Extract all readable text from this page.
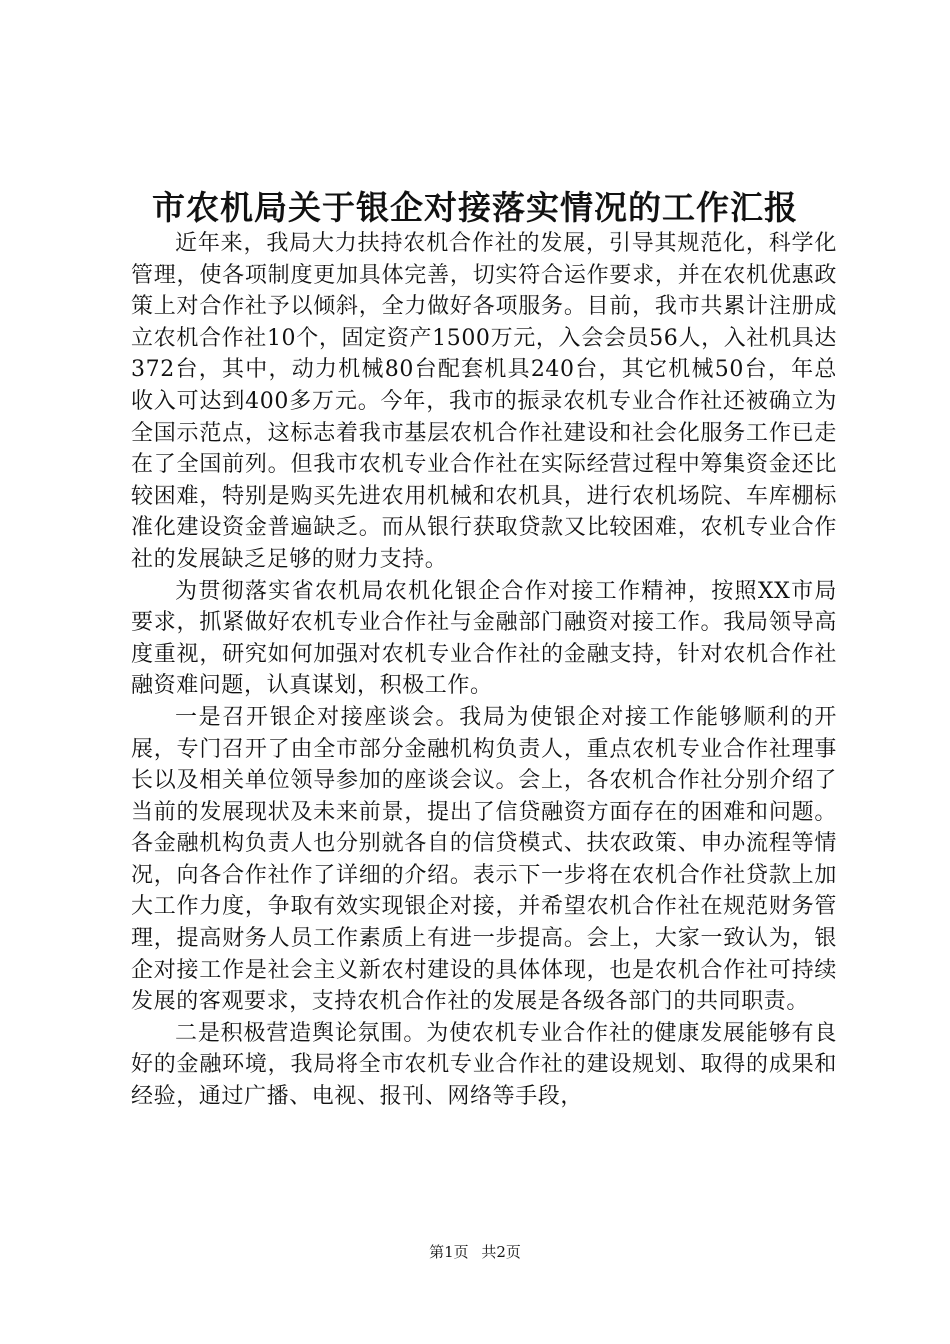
市农机局关于银企对接落实情况的工作汇报

近年来，我局大力扶持农机合作社的发展，引导其规范化，科学化管理，使各项制度更加具体完善，切实符合运作要求，并在农机优惠政策上对合作社予以倾斜，全力做好各项服务。目前，我市共累计注册成立农机合作社10个，固定资产1500万元，入会会员56人，入社机具达372台，其中，动力机械80台配套机具240台，其它机械50台，年总收入可达到400多万元。今年，我市的振录农机专业合作社还被确立为全国示范点，这标志着我市基层农机合作社建设和社会化服务工作已走在了全国前列。但我市农机专业合作社在实际经营过程中筹集资金还比较困难，特别是购买先进农用机械和农机具，进行农机场院、车库棚标准化建设资金普遍缺乏。而从银行获取贷款又比较困难，农机专业合作社的发展缺乏足够的财力支持。

为贯彻落实省农机局农机化银企合作对接工作精神，按照XX市局要求，抓紧做好农机专业合作社与金融部门融资对接工作。我局领导高度重视，研究如何加强对农机专业合作社的金融支持，针对农机合作社融资难问题，认真谋划，积极工作。

一是召开银企对接座谈会。我局为使银企对接工作能够顺利的开展，专门召开了由全市部分金融机构负责人，重点农机专业合作社理事长以及相关单位领导参加的座谈会议。会上，各农机合作社分别介绍了当前的发展现状及未来前景，提出了信贷融资方面存在的困难和问题。各金融机构负责人也分别就各自的信贷模式、扶农政策、申办流程等情况，向各合作社作了详细的介绍。表示下一步将在农机合作社贷款上加大工作力度，争取有效实现银企对接，并希望农机合作社在规范财务管理，提高财务人员工作素质上有进一步提高。会上，大家一致认为，银企对接工作是社会主义新农村建设的具体体现，也是农机合作社可持续发展的客观要求，支持农机合作社的发展是各级各部门的共同职责。

二是积极营造舆论氛围。为使农机专业合作社的健康发展能够有良好的金融环境，我局将全市农机专业合作社的建设规划、取得的成果和经验，通过广播、电视、报刊、网络等手段，

第1页 共2页
